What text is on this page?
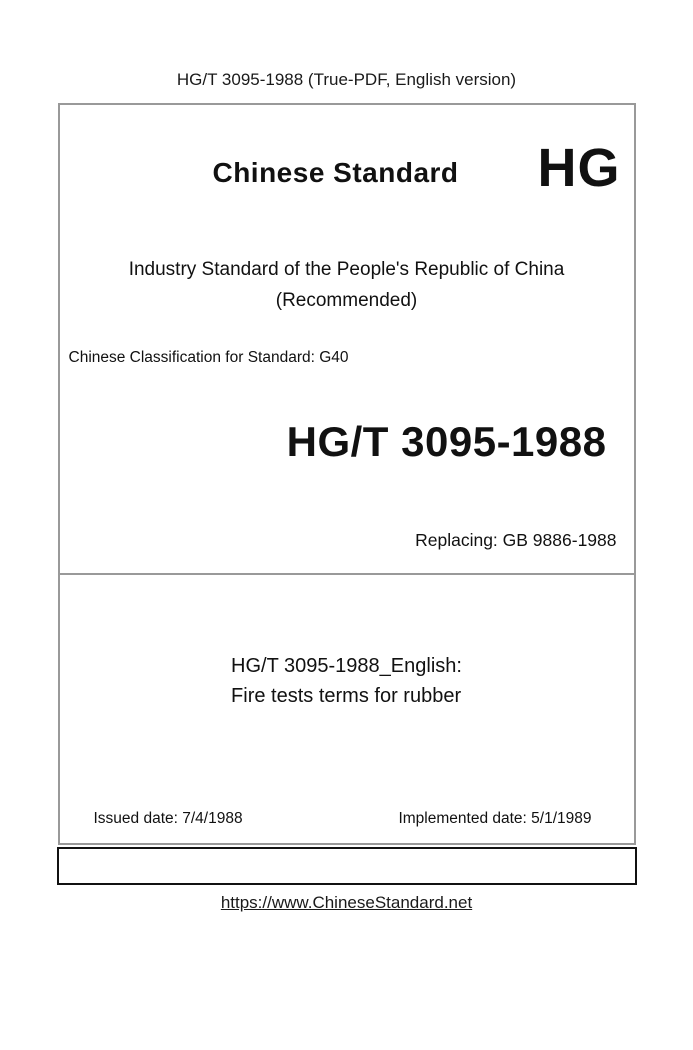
HG/T 3095-1988 (True-PDF, English version)
Chinese Standard	HG
Industry Standard of the People's Republic of China
(Recommended)
Chinese Classification for Standard: G40
HG/T 3095-1988
Replacing: GB 9886-1988
HG/T 3095-1988_English:
Fire tests terms for rubber
Issued date: 7/4/1988	Implemented date: 5/1/1989
https://www.ChineseStandard.net
